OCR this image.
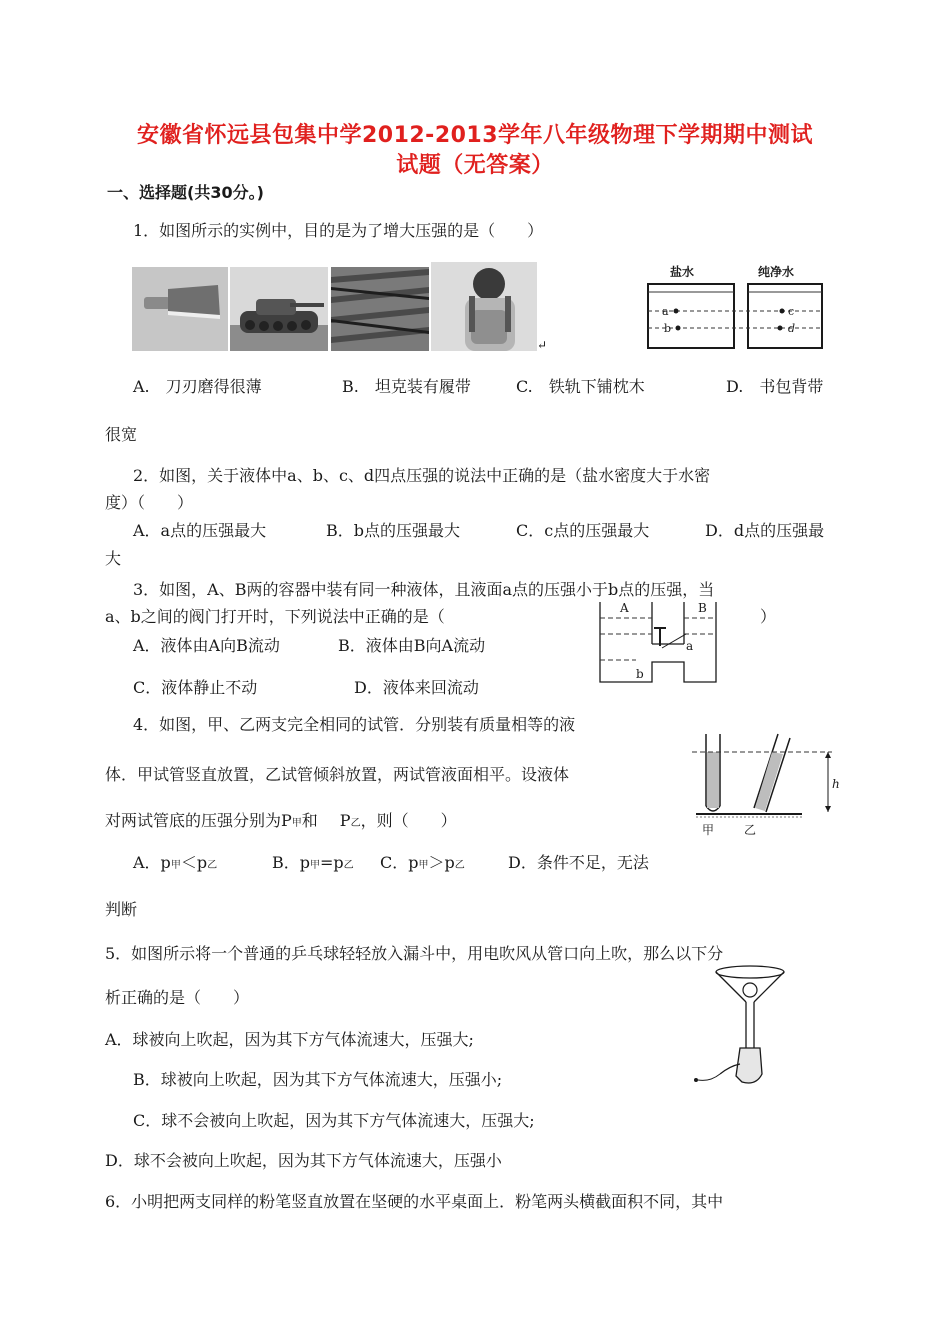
安徽省怀远县包集中学2012-2013学年八年级物理下学期期中测试
试题（无答案）
一、选择题(共30分。)
1．如图所示的实例中，目的是为了增大压强的是（　　）
↵
盐水	纯净水
a
b
c
d
A.　刀刃磨得很薄	B.　坦克装有履带	C.　铁轨下铺枕木	D.　书包背带
很宽
2．如图，关于液体中a、b、c、d四点压强的说法中正确的是（盐水密度大于水密
度）（　　）
A．a点的压强最大	B．b点的压强最大	C．c点的压强最大	D．d点的压强最
大
3．如图，A、B两的容器中装有同一种液体，且液面a点的压强小于b点的压强，当
a、b之间的阀门打开时，下列说法中正确的是（	）
A．液体由A向B流动	B．液体由B向A流动
C．液体静止不动	D．液体来回流动
A	B
a
b
4．如图，甲、乙两支完全相同的试管．分别装有质量相等的液
体．甲试管竖直放置，乙试管倾斜放置，两试管液面相平。设液体
对两试管底的压强分别为P甲和 P乙，则（　　）
A．p甲＜p乙	B．p甲=p乙 C．p甲＞p乙	D．条件不足，无法
判断
h
甲 乙
5．如图所示将一个普通的乒乓球轻轻放入漏斗中，用电吹风从管口向上吹，那么以下分
析正确的是（　　）
A．球被向上吹起，因为其下方气体流速大，压强大;
B．球被向上吹起，因为其下方气体流速大，压强小;
C．球不会被向上吹起，因为其下方气体流速大，压强大;
D．球不会被向上吹起，因为其下方气体流速大，压强小
6．小明把两支同样的粉笔竖直放置在坚硬的水平桌面上．粉笔两头横截面积不同，其中
